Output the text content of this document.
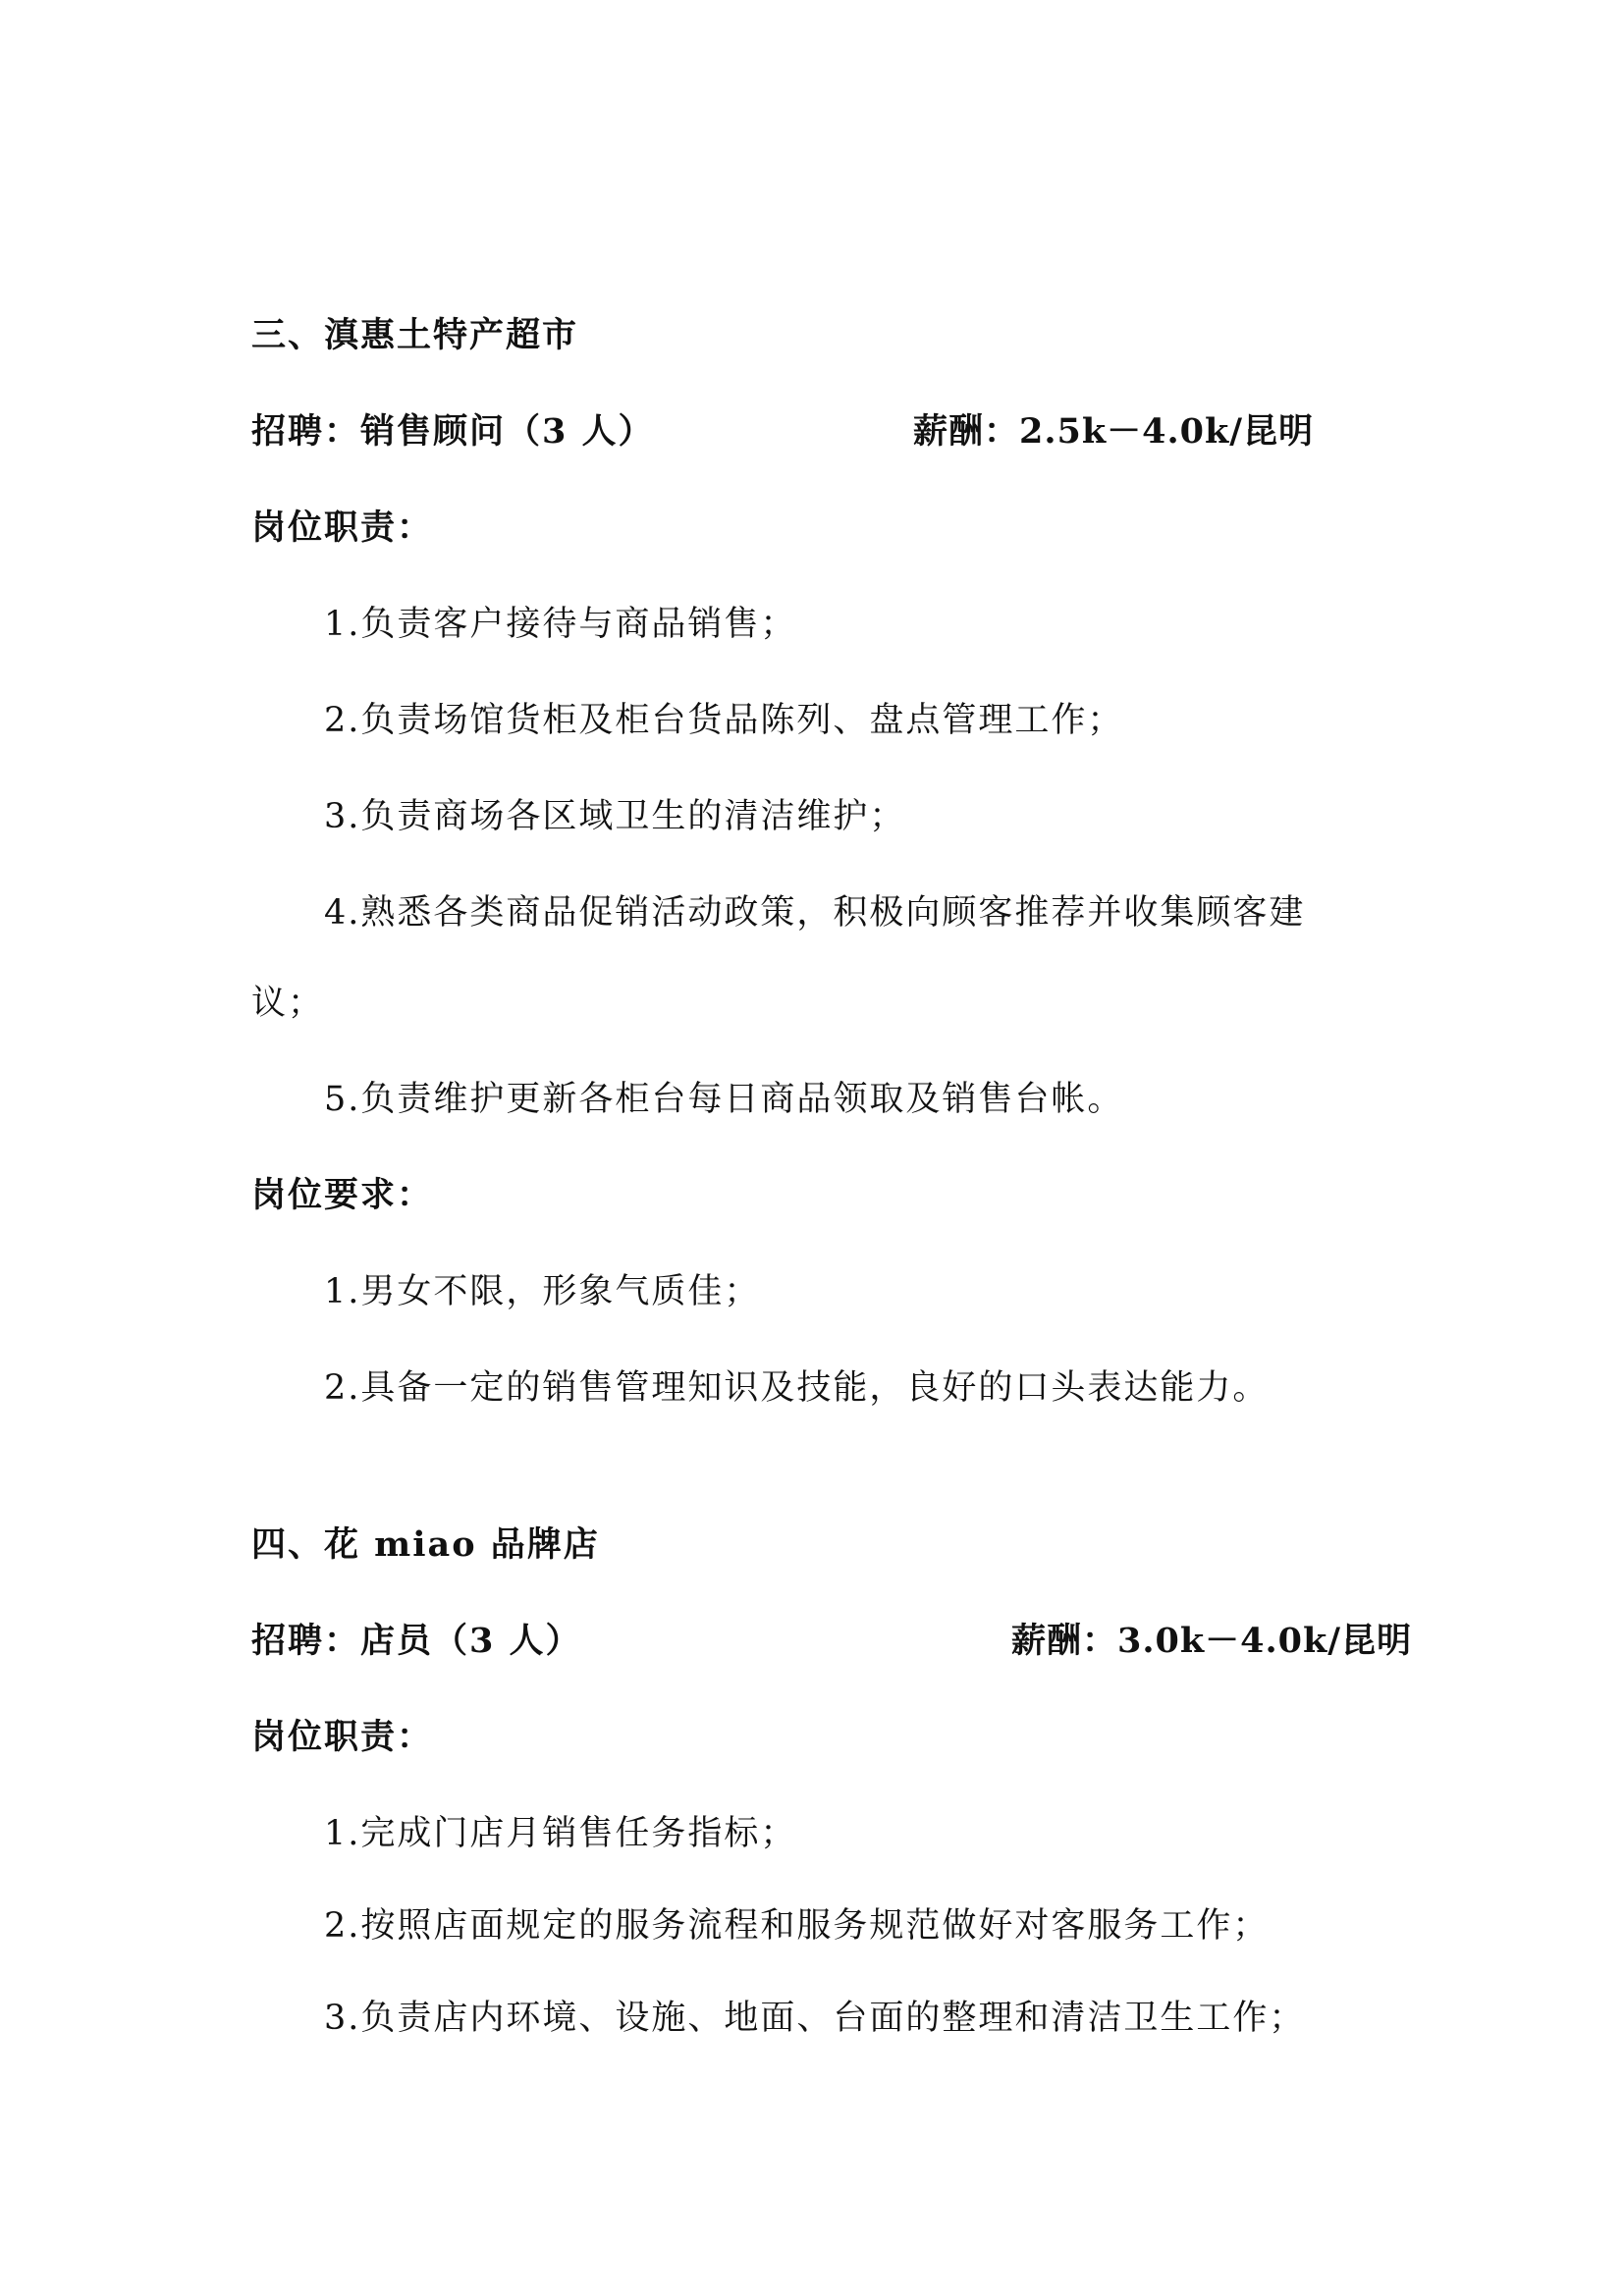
三、滇惠土特产超市
招聘：销售顾问（3 人）	薪酬：2.5k－4.0k/昆明
岗位职责：
1.负责客户接待与商品销售；
2.负责场馆货柜及柜台货品陈列、盘点管理工作；
3.负责商场各区域卫生的清洁维护；
4.熟悉各类商品促销活动政策，积极向顾客推荐并收集顾客建
议；
5.负责维护更新各柜台每日商品领取及销售台帐。
岗位要求：
1.男女不限，形象气质佳；
2.具备一定的销售管理知识及技能，良好的口头表达能力。
四、花 miao 品牌店
招聘：店员（3 人）	薪酬：3.0k－4.0k/昆明
岗位职责：
1.完成门店月销售任务指标；
2.按照店面规定的服务流程和服务规范做好对客服务工作；
3.负责店内环境、设施、地面、台面的整理和清洁卫生工作；
